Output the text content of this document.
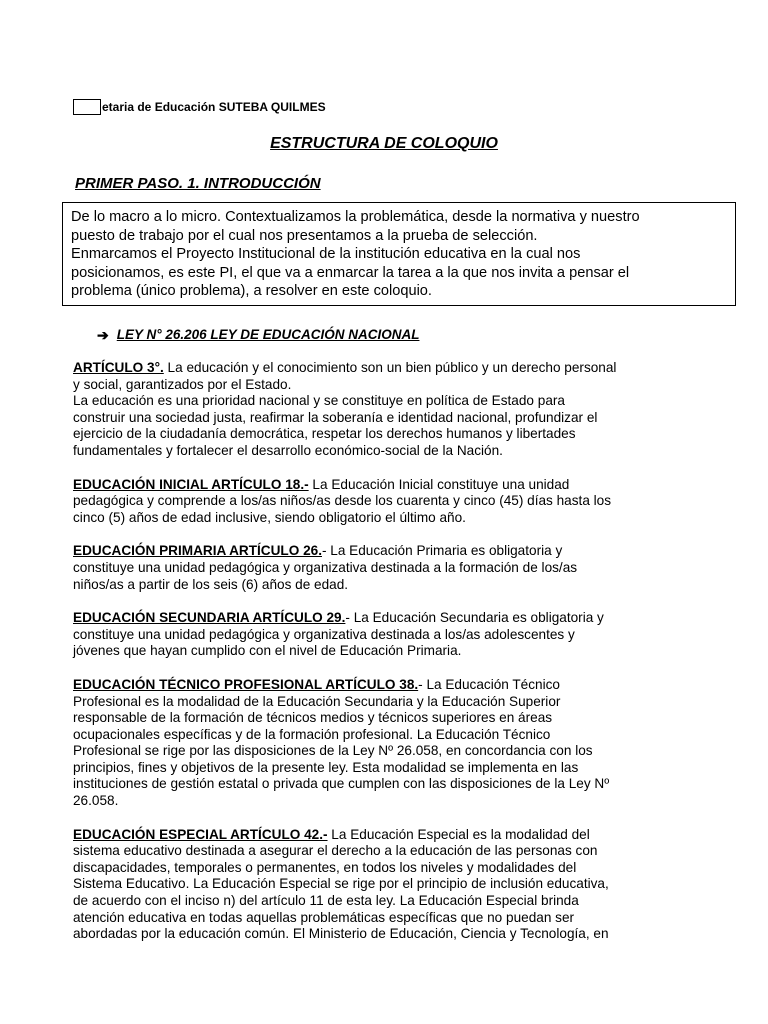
etaria de Educación SUTEBA QUILMES
ESTRUCTURA DE COLOQUIO
PRIMER PASO. 1. INTRODUCCIÓN

De lo macro a lo micro. Contextualizamos la problemática, desde la normativa y nuestro
puesto de trabajo por el cual nos presentamos a la prueba de selección.
Enmarcamos el Proyecto Institucional de la institución educativa en la cual nos
posicionamos, es este PI, el que va a enmarcar la tarea a la que nos invita a pensar el
problema (único problema), a resolver en este coloquio.

➔ LEY N° 26.206 LEY DE EDUCACIÓN NACIONAL
ARTÍCULO 3°. La educación y el conocimiento son un bien público y un derecho personal
y social, garantizados por el Estado.
La educación es una prioridad nacional y se constituye en política de Estado para
construir una sociedad justa, reafirmar la soberanía e identidad nacional, profundizar el
ejercicio de la ciudadanía democrática, respetar los derechos humanos y libertades
fundamentales y fortalecer el desarrollo económico-social de la Nación.
EDUCACIÓN INICIAL ARTÍCULO 18.- La Educación Inicial constituye una unidad
pedagógica y comprende a los/as niños/as desde los cuarenta y cinco (45) días hasta los
cinco (5) años de edad inclusive, siendo obligatorio el último año.
EDUCACIÓN PRIMARIA ARTÍCULO 26.- La Educación Primaria es obligatoria y
constituye una unidad pedagógica y organizativa destinada a la formación de los/as
niños/as a partir de los seis (6) años de edad.
EDUCACIÓN SECUNDARIA ARTÍCULO 29.- La Educación Secundaria es obligatoria y
constituye una unidad pedagógica y organizativa destinada a los/as adolescentes y
jóvenes que hayan cumplido con el nivel de Educación Primaria.
EDUCACIÓN TÉCNICO PROFESIONAL ARTÍCULO 38.- La Educación Técnico
Profesional es la modalidad de la Educación Secundaria y la Educación Superior
responsable de la formación de técnicos medios y técnicos superiores en áreas
ocupacionales específicas y de la formación profesional. La Educación Técnico
Profesional se rige por las disposiciones de la Ley Nº 26.058, en concordancia con los
principios, fines y objetivos de la presente ley. Esta modalidad se implementa en las
instituciones de gestión estatal o privada que cumplen con las disposiciones de la Ley Nº
26.058.
EDUCACIÓN ESPECIAL ARTÍCULO 42.- La Educación Especial es la modalidad del
sistema educativo destinada a asegurar el derecho a la educación de las personas con
discapacidades, temporales o permanentes, en todos los niveles y modalidades del
Sistema Educativo. La Educación Especial se rige por el principio de inclusión educativa,
de acuerdo con el inciso n) del artículo 11 de esta ley. La Educación Especial brinda
atención educativa en todas aquellas problemáticas específicas que no puedan ser
abordadas por la educación común. El Ministerio de Educación, Ciencia y Tecnología, en
